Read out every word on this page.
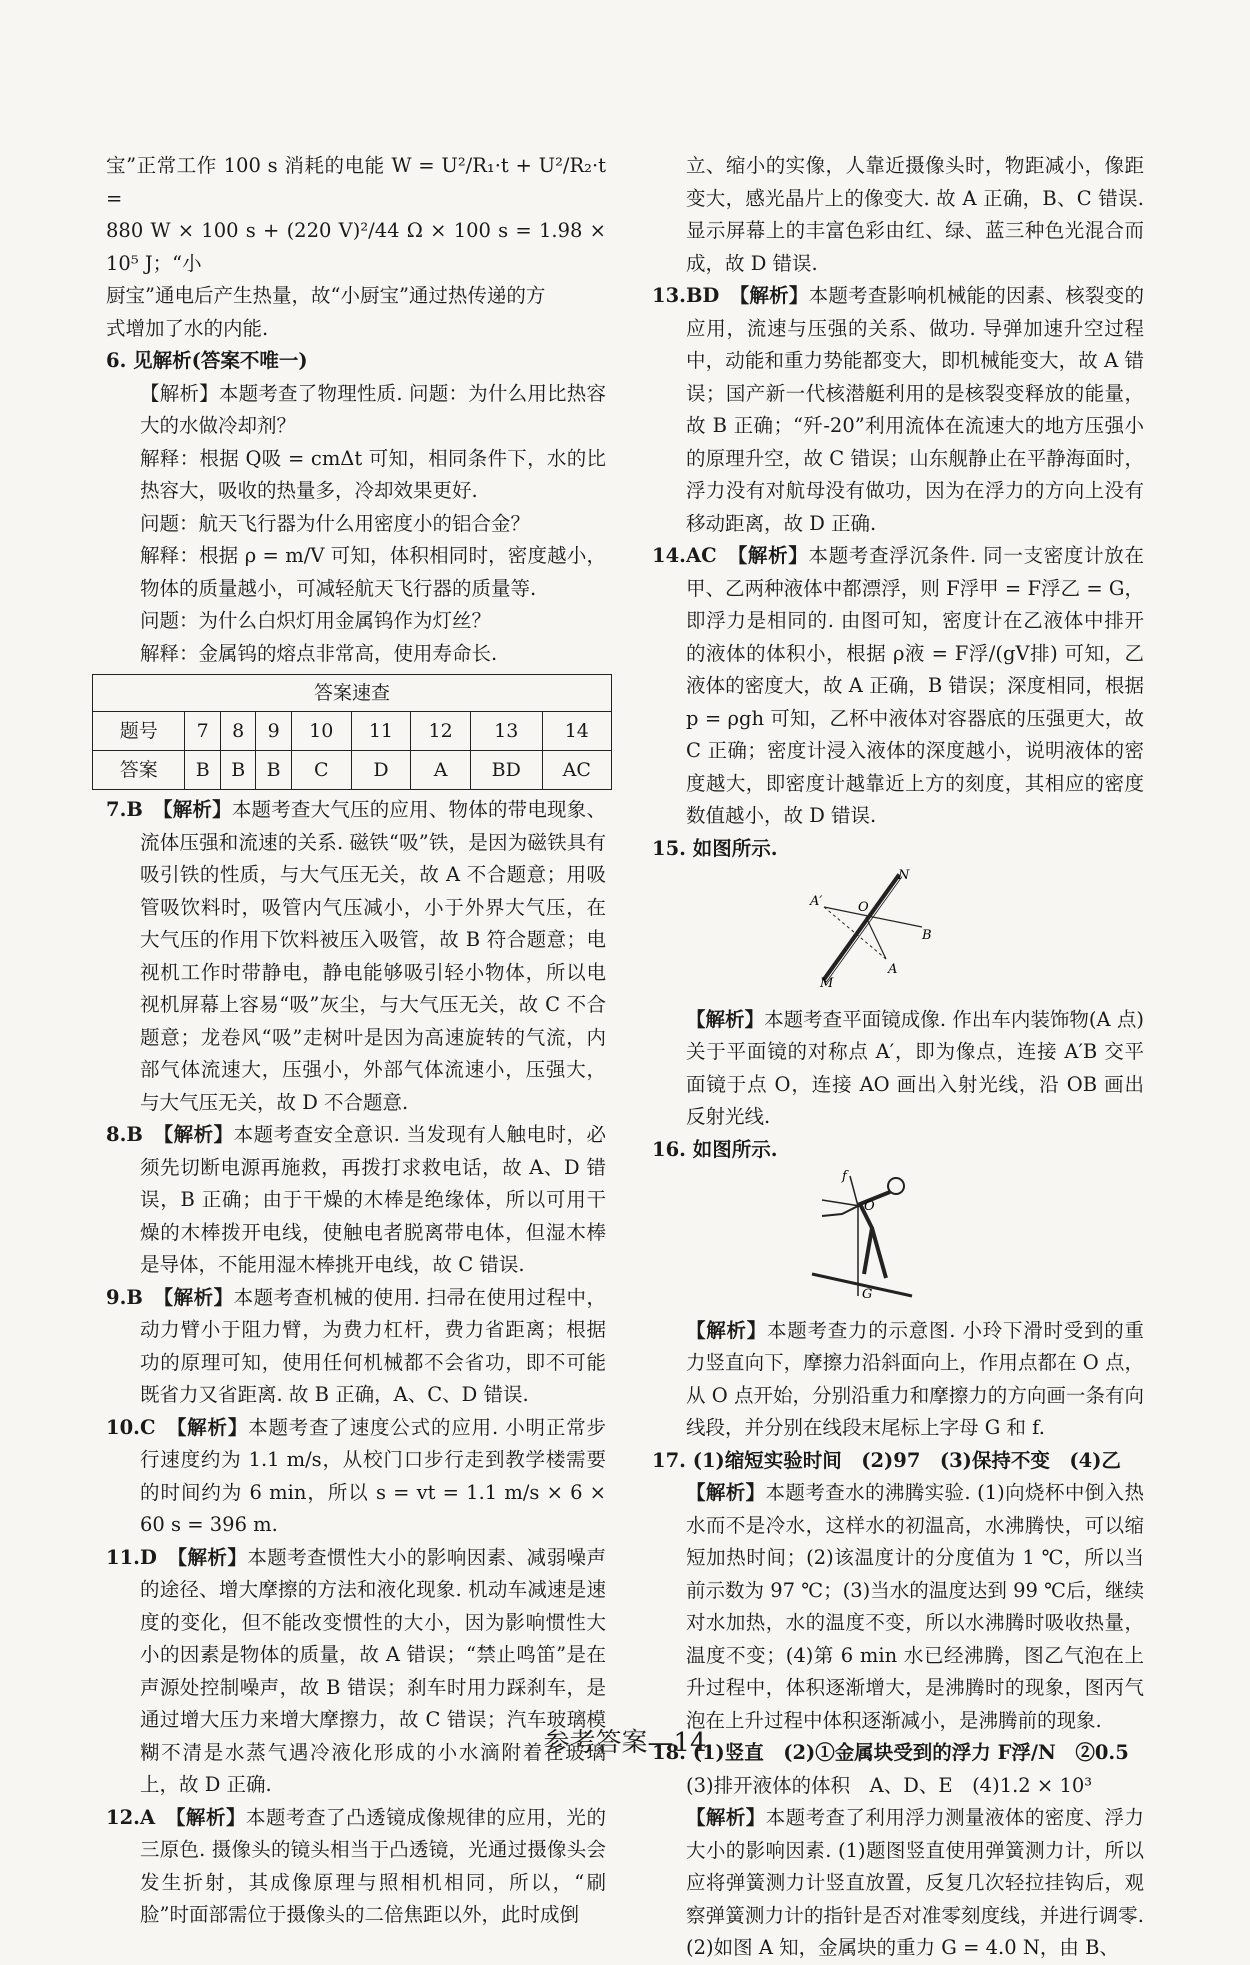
宝”正常工作 100 s 消耗的电能 W = U²/R₁·t + U²/R₂·t =

880 W × 100 s + (220 V)²/44 Ω × 100 s = 1.98 × 10⁵ J；“小

厨宝”通电后产生热量，故“小厨宝”通过热传递的方

式增加了水的内能.

6. 见解析(答案不唯一)

【解析】本题考查了物理性质. 问题：为什么用比热容大的水做冷却剂？

解释：根据 Q吸 = cmΔt 可知，相同条件下，水的比热容大，吸收的热量多，冷却效果更好.

问题：航天飞行器为什么用密度小的铝合金？

解释：根据 ρ = m/V 可知，体积相同时，密度越小，物体的质量越小，可减轻航天飞行器的质量等.

问题：为什么白炽灯用金属钨作为灯丝？

解释：金属钨的熔点非常高，使用寿命长.

答案速查								
题号	7	8	9	10	11	12	13	14
答案	B	B	B	C	D	A	BD	AC

7.B　 【解析】本题考查大气压的应用、物体的带电现象、流体压强和流速的关系. 磁铁“吸”铁，是因为磁铁具有吸引铁的性质，与大气压无关，故 A 不合题意；用吸管吸饮料时，吸管内气压减小，小于外界大气压，在大气压的作用下饮料被压入吸管，故 B 符合题意；电视机工作时带静电，静电能够吸引轻小物体，所以电视机屏幕上容易“吸”灰尘，与大气压无关，故 C 不合题意；龙卷风“吸”走树叶是因为高速旋转的气流，内部气体流速大，压强小，外部气体流速小，压强大，与大气压无关，故 D 不合题意.

8.B　 【解析】本题考查安全意识. 当发现有人触电时，必须先切断电源再施救，再拨打求救电话，故 A、D 错误，B 正确；由于干燥的木棒是绝缘体，所以可用干燥的木棒拨开电线，使触电者脱离带电体，但湿木棒是导体，不能用湿木棒挑开电线，故 C 错误.

9.B　 【解析】本题考查机械的使用. 扫帚在使用过程中，动力臂小于阻力臂，为费力杠杆，费力省距离；根据功的原理可知，使用任何机械都不会省功，即不可能既省力又省距离. 故 B 正确，A、C、D 错误.

10.C　 【解析】本题考查了速度公式的应用. 小明正常步行速度约为 1.1 m/s，从校门口步行走到教学楼需要的时间约为 6 min，所以 s = vt = 1.1 m/s × 6 × 60 s = 396 m.

11.D　 【解析】本题考查惯性大小的影响因素、减弱噪声的途径、增大摩擦的方法和液化现象. 机动车减速是速度的变化，但不能改变惯性的大小，因为影响惯性大小的因素是物体的质量，故 A 错误；“禁止鸣笛”是在声源处控制噪声，故 B 错误；刹车时用力踩刹车，是通过增大压力来增大摩擦力，故 C 错误；汽车玻璃模糊不清是水蒸气遇冷液化形成的小水滴附着在玻璃上，故 D 正确.

12.A　 【解析】本题考查了凸透镜成像规律的应用，光的三原色. 摄像头的镜头相当于凸透镜，光通过摄像头会发生折射，其成像原理与照相机相同，所以，“刷脸”时面部需位于摄像头的二倍焦距以外，此时成倒

立、缩小的实像，人靠近摄像头时，物距减小，像距变大，感光晶片上的像变大. 故 A 正确，B、C 错误. 显示屏幕上的丰富色彩由红、绿、蓝三种色光混合而成，故 D 错误.

13.BD　 【解析】本题考查影响机械能的因素、核裂变的应用，流速与压强的关系、做功. 导弹加速升空过程中，动能和重力势能都变大，即机械能变大，故 A 错误；国产新一代核潜艇利用的是核裂变释放的能量，故 B 正确；“歼-20”利用流体在流速大的地方压强小的原理升空，故 C 错误；山东舰静止在平静海面时，浮力没有对航母没有做功，因为在浮力的方向上没有移动距离，故 D 正确.

14.AC　 【解析】本题考查浮沉条件. 同一支密度计放在甲、乙两种液体中都漂浮，则 F浮甲 = F浮乙 = G，即浮力是相同的. 由图可知，密度计在乙液体中排开的液体的体积小，根据 ρ液 = F浮/(gV排) 可知，乙液体的密度大，故 A 正确，B 错误；深度相同，根据 p = ρgh 可知，乙杯中液体对容器底的压强更大，故 C 正确；密度计浸入液体的深度越小，说明液体的密度越大，即密度计越靠近上方的刻度，其相应的密度数值越小，故 D 错误.

15. 如图所示.

N
A′	O
B
A
M

【解析】本题考查平面镜成像. 作出车内装饰物(A 点)关于平面镜的对称点 A′，即为像点，连接 A′B 交平面镜于点 O，连接 AO 画出入射光线，沿 OB 画出反射光线.

16. 如图所示.

f
O
G

【解析】本题考查力的示意图. 小玲下滑时受到的重力竖直向下，摩擦力沿斜面向上，作用点都在 O 点，从 O 点开始，分别沿重力和摩擦力的方向画一条有向线段，并分别在线段末尾标上字母 G 和 f.

17. (1)缩短实验时间　(2)97　(3)保持不变　(4)乙

【解析】本题考查水的沸腾实验. (1)向烧杯中倒入热水而不是冷水，这样水的初温高，水沸腾快，可以缩短加热时间；(2)该温度计的分度值为 1 ℃，所以当前示数为 97 ℃；(3)当水的温度达到 99 ℃后，继续对水加热，水的温度不变，所以水沸腾时吸收热量，温度不变；(4)第 6 min 水已经沸腾，图乙气泡在上升过程中，体积逐渐增大，是沸腾时的现象，图丙气泡在上升过程中体积逐渐减小，是沸腾前的现象.

18. (1)竖直　(2)①金属块受到的浮力 F浮/N　②0.5

(3)排开液体的体积　A、D、E　(4)1.2 × 10³

【解析】本题考查了利用浮力测量液体的密度、浮力大小的影响因素. (1)题图竖直使用弹簧测力计，所以应将弹簧测力计竖直放置，反复几次轻拉挂钩后，观察弹簧测力计的指针是否对准零刻度线，并进行调零. (2)如图 A 知，金属块的重力 G = 4.0 N，由 B、

参考答案—14
